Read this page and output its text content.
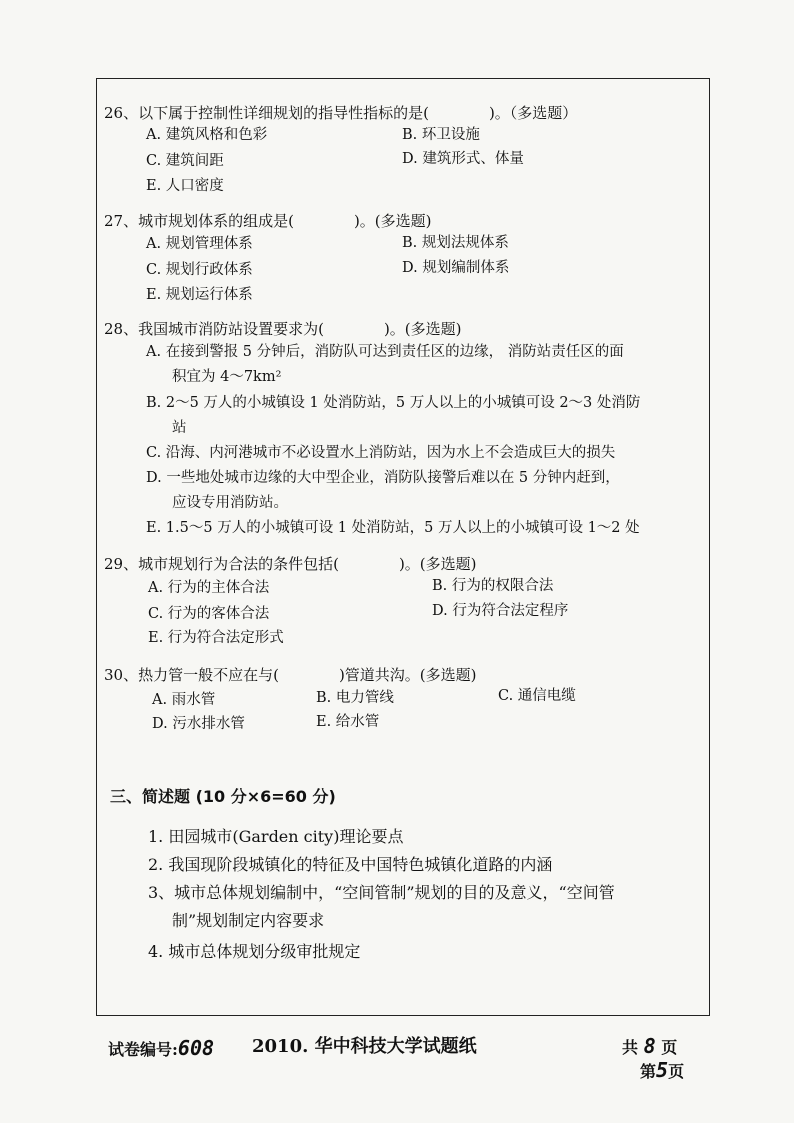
26、以下属于控制性详细规划的指导性指标的是(　　　　)。（多选题）
A. 建筑风格和色彩	B. 环卫设施
C. 建筑间距	D. 建筑形式、体量
E. 人口密度
27、城市规划体系的组成是(　　　　)。(多选题)
A. 规划管理体系	B. 规划法规体系
C. 规划行政体系	D. 规划编制体系
E. 规划运行体系
28、我国城市消防站设置要求为(　　　　)。(多选题)
A. 在接到警报 5 分钟后，消防队可达到责任区的边缘， 消防站责任区的面
积宜为 4～7km²
B. 2～5 万人的小城镇设 1 处消防站，5 万人以上的小城镇可设 2～3 处消防
站
C. 沿海、内河港城市不必设置水上消防站，因为水上不会造成巨大的损失
D. 一些地处城市边缘的大中型企业，消防队接警后难以在 5 分钟内赶到，
应设专用消防站。
E. 1.5～5 万人的小城镇可设 1 处消防站，5 万人以上的小城镇可设 1～2 处
29、城市规划行为合法的条件包括(　　　　)。(多选题)
A. 行为的主体合法	B. 行为的权限合法
C. 行为的客体合法	D. 行为符合法定程序
E. 行为符合法定形式
30、热力管一般不应在与(　　　　)管道共沟。(多选题)
A. 雨水管	B. 电力管线	C. 通信电缆
D. 污水排水管	E. 给水管
三、简述题 (10 分×6=60 分)
1. 田园城市(Garden city)理论要点
2. 我国现阶段城镇化的特征及中国特色城镇化道路的内涵
3、城市总体规划编制中，“空间管制”规划的目的及意义，“空间管
制”规划制定内容要求
4. 城市总体规划分级审批规定
试卷编号:608 2010. 华中科技大学试题纸	共 8 页
第5页
